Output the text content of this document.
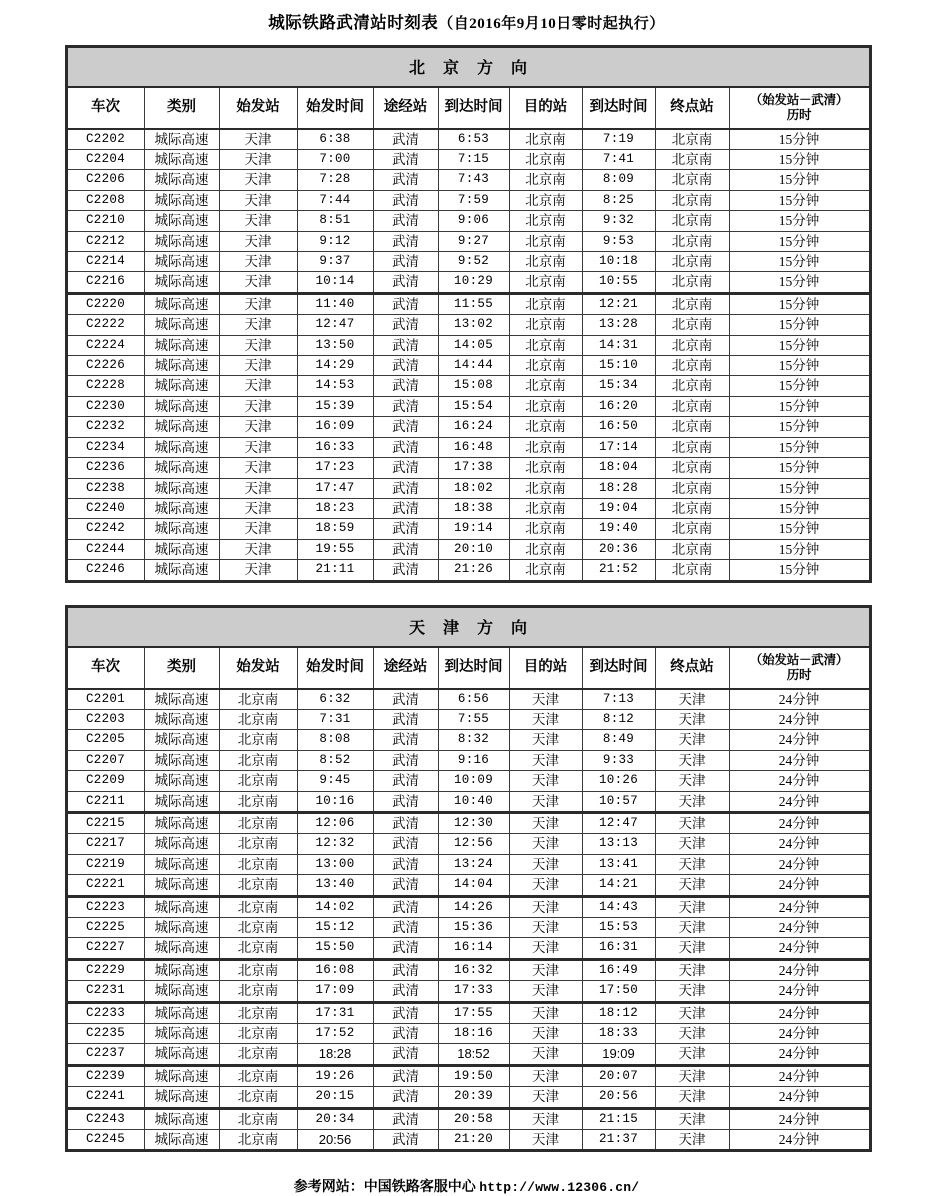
城际铁路武清站时刻表（自2016年9月10日零时起执行）
北 京 方 向									
车次	类别	始发站	始发时间	途经站	到达时间	目的站	到达时间	终点站	（始发站－武清）
历时

C2202	城际高速	天津	6:38	武清	6:53	北京南	7:19	北京南	15分钟
C2204	城际高速	天津	7:00	武清	7:15	北京南	7:41	北京南	15分钟
C2206	城际高速	天津	7:28	武清	7:43	北京南	8:09	北京南	15分钟
C2208	城际高速	天津	7:44	武清	7:59	北京南	8:25	北京南	15分钟
C2210	城际高速	天津	8:51	武清	9:06	北京南	9:32	北京南	15分钟
C2212	城际高速	天津	9:12	武清	9:27	北京南	9:53	北京南	15分钟
C2214	城际高速	天津	9:37	武清	9:52	北京南	10:18	北京南	15分钟
C2216	城际高速	天津	10:14	武清	10:29	北京南	10:55	北京南	15分钟
C2220	城际高速	天津	11:40	武清	11:55	北京南	12:21	北京南	15分钟
C2222	城际高速	天津	12:47	武清	13:02	北京南	13:28	北京南	15分钟
C2224	城际高速	天津	13:50	武清	14:05	北京南	14:31	北京南	15分钟
C2226	城际高速	天津	14:29	武清	14:44	北京南	15:10	北京南	15分钟
C2228	城际高速	天津	14:53	武清	15:08	北京南	15:34	北京南	15分钟
C2230	城际高速	天津	15:39	武清	15:54	北京南	16:20	北京南	15分钟
C2232	城际高速	天津	16:09	武清	16:24	北京南	16:50	北京南	15分钟
C2234	城际高速	天津	16:33	武清	16:48	北京南	17:14	北京南	15分钟
C2236	城际高速	天津	17:23	武清	17:38	北京南	18:04	北京南	15分钟
C2238	城际高速	天津	17:47	武清	18:02	北京南	18:28	北京南	15分钟
C2240	城际高速	天津	18:23	武清	18:38	北京南	19:04	北京南	15分钟
C2242	城际高速	天津	18:59	武清	19:14	北京南	19:40	北京南	15分钟
C2244	城际高速	天津	19:55	武清	20:10	北京南	20:36	北京南	15分钟
C2246	城际高速	天津	21:11	武清	21:26	北京南	21:52	北京南	15分钟
天 津 方 向									
车次	类别	始发站	始发时间	途经站	到达时间	目的站	到达时间	终点站	（始发站－武清）
历时

C2201	城际高速	北京南	6:32	武清	6:56	天津	7:13	天津	24分钟
C2203	城际高速	北京南	7:31	武清	7:55	天津	8:12	天津	24分钟
C2205	城际高速	北京南	8:08	武清	8:32	天津	8:49	天津	24分钟
C2207	城际高速	北京南	8:52	武清	9:16	天津	9:33	天津	24分钟
C2209	城际高速	北京南	9:45	武清	10:09	天津	10:26	天津	24分钟
C2211	城际高速	北京南	10:16	武清	10:40	天津	10:57	天津	24分钟
C2215	城际高速	北京南	12:06	武清	12:30	天津	12:47	天津	24分钟
C2217	城际高速	北京南	12:32	武清	12:56	天津	13:13	天津	24分钟
C2219	城际高速	北京南	13:00	武清	13:24	天津	13:41	天津	24分钟
C2221	城际高速	北京南	13:40	武清	14:04	天津	14:21	天津	24分钟
C2223	城际高速	北京南	14:02	武清	14:26	天津	14:43	天津	24分钟
C2225	城际高速	北京南	15:12	武清	15:36	天津	15:53	天津	24分钟
C2227	城际高速	北京南	15:50	武清	16:14	天津	16:31	天津	24分钟
C2229	城际高速	北京南	16:08	武清	16:32	天津	16:49	天津	24分钟
C2231	城际高速	北京南	17:09	武清	17:33	天津	17:50	天津	24分钟
C2233	城际高速	北京南	17:31	武清	17:55	天津	18:12	天津	24分钟
C2235	城际高速	北京南	17:52	武清	18:16	天津	18:33	天津	24分钟
C2237	城际高速	北京南	18:28	武清	18:52	天津	19:09	天津	24分钟
C2239	城际高速	北京南	19:26	武清	19:50	天津	20:07	天津	24分钟
C2241	城际高速	北京南	20:15	武清	20:39	天津	20:56	天津	24分钟
C2243	城际高速	北京南	20:34	武清	20:58	天津	21:15	天津	24分钟
C2245	城际高速	北京南	20:56	武清	21:20	天津	21:37	天津	24分钟
参考网站：中国铁路客服中心 http://www.12306.cn/
